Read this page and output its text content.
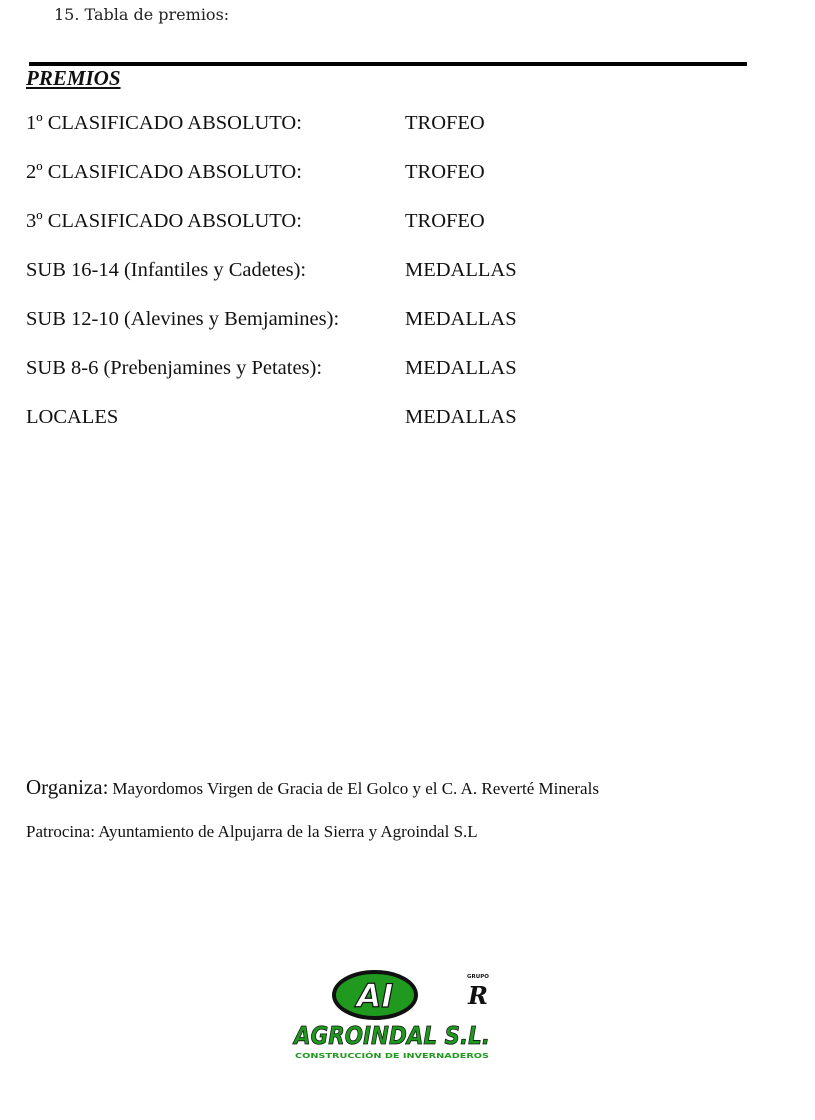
15. Tabla de premios:
PREMIOS
1º CLASIFICADO ABSOLUTO:	TROFEO
2º CLASIFICADO ABSOLUTO:	TROFEO
3º CLASIFICADO ABSOLUTO:	TROFEO
SUB 16-14 (Infantiles y Cadetes):	MEDALLAS
SUB 12-10 (Alevines y Bemjamines):	MEDALLAS
SUB 8-6 (Prebenjamines y Petates):	MEDALLAS
LOCALES	MEDALLAS
Organiza: Mayordomos Virgen de Gracia de El Golco y el C. A. Reverté Minerals
Patrocina: Ayuntamiento de Alpujarra de la Sierra y Agroindal S.L
AI	GRUPO
R
AGROINDAL S.L.
CONSTRUCCIÓN DE INVERNADEROS
